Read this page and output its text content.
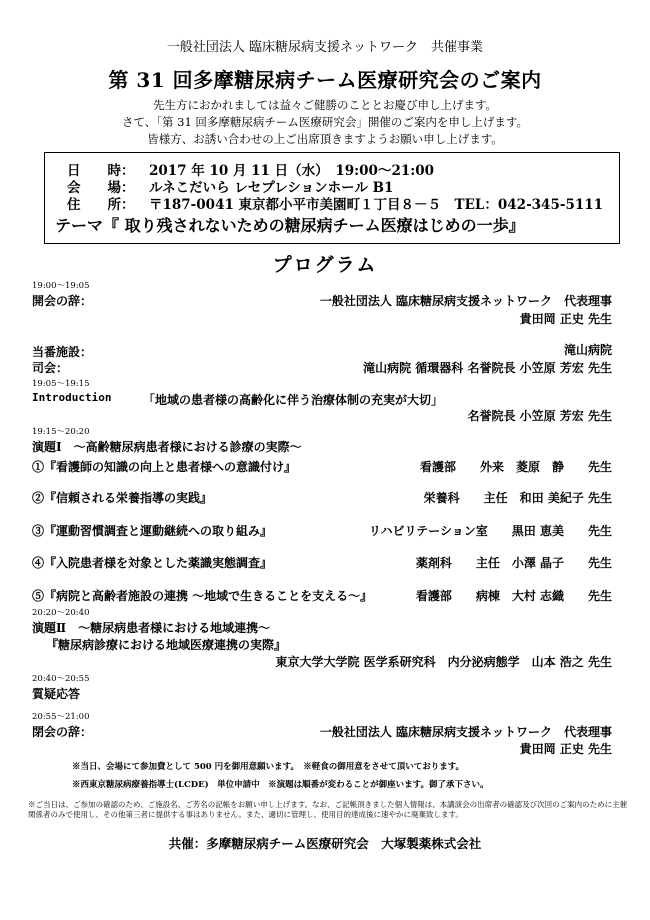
一般社団法人 臨床糖尿病支援ネットワーク　共催事業
第 31 回多摩糖尿病チーム医療研究会のご案内
先生方におかれましては益々ご健勝のこととお慶び申し上げます。
さて、「第 31 回多摩糖尿病チーム医療研究会」開催のご案内を申し上げます。
皆様方、お誘い合わせの上ご出席頂きますようお願い申し上げます。
日　　時： 2017 年 10 月 11 日（水）　19:00〜21:00
会　　場： ルネこだいら レセプレションホール B1
住　　所： 〒187-0041 東京都小平市美園町１丁目８－５　TEL：042-345-5111
テーマ『 取り残されないための糖尿病チーム医療はじめの一歩』
プログラム
19:00〜19:05
開会の辞：	一般社団法人 臨床糖尿病支援ネットワーク　代表理事
貴田岡 正史 先生
当番施設：	滝山病院
司会：	滝山病院 循環器科 名誉院長 小笠原 芳宏 先生
19:05〜19:15
Introduction	「地域の患者様の高齢化に伴う治療体制の充実が大切」
名誉院長 小笠原 芳宏 先生
19:15〜20:20
演題Ⅰ　〜高齢糖尿病患者様における診療の実際〜
①『看護師の知識の向上と患者様への意識付け』	看護部　　外来　菱原　静　　先生
②『信頼される栄養指導の実践』	栄養科　　主任　和田 美紀子 先生
③『運動習慣調査と運動継続への取り組み』	リハビリテーション室　　黒田 恵美　　先生
④『入院患者様を対象とした薬識実態調査』	薬剤科　　主任　小澤 晶子　　先生
⑤『病院と高齢者施設の連携 〜地域で生きることを支える〜』	看護部　　病棟　大村 志織　　先生
20:20〜20:40
演題Ⅱ　〜糖尿病患者様における地域連携〜
『糖尿病診療における地域医療連携の実際』
東京大学大学院 医学系研究科　内分泌病態学　山本 浩之 先生
20:40〜20:55
質疑応答
20:55〜21:00
閉会の辞：	一般社団法人 臨床糖尿病支援ネットワーク　代表理事
貴田岡 正史 先生
※当日、会場にて参加費として 500 円を御用意願います。　※軽食の御用意をさせて頂いております。
※西東京糖尿病療養指導士(LCDE)　単位申請中　※演題は順番が変わることが御座います。御了承下さい。
※ご当日は、ご参加の確認のため、ご施設名、ご芳名の記帳をお願い申し上げます。なお、ご記帳頂きました個人情報は、本講演会の出席者の確認及び次回のご案内のために主催関係者のみで使用し、その他第三者に提供する事はありません。また、適切に管理し、使用目的達成後に速やかに廃棄致します。
共催：多摩糖尿病チーム医療研究会　大塚製薬株式会社
